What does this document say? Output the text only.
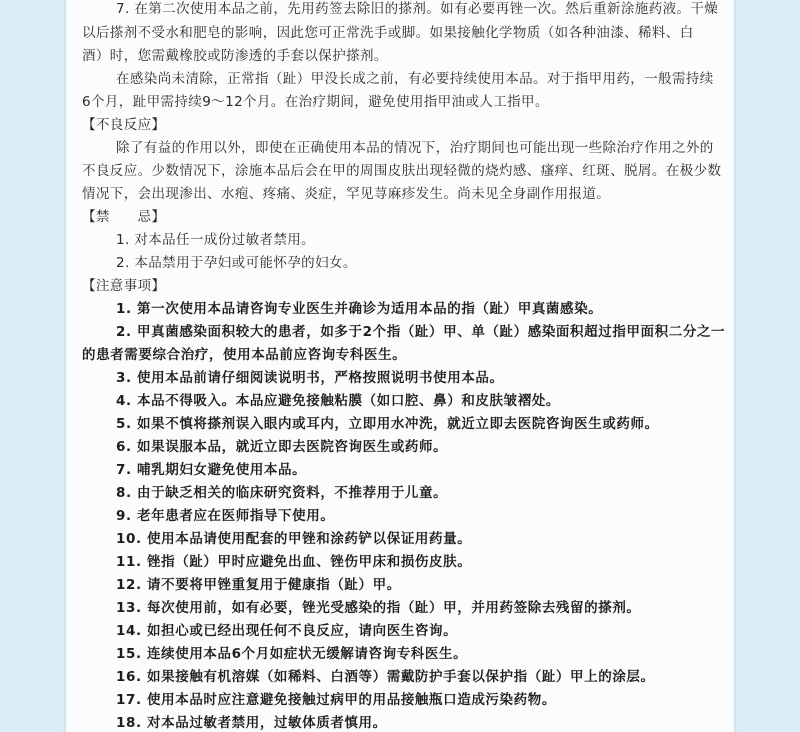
7. 在第二次使用本品之前，先用药签去除旧的搽剂。如有必要再锉一次。然后重新涂施药液。干燥
以后搽剂不受水和肥皂的影响，因此您可正常洗手或脚。如果接触化学物质（如各种油漆、稀料、白
酒）时，您需戴橡胶或防渗透的手套以保护搽剂。
在感染尚未清除，正常指（趾）甲没长成之前，有必要持续使用本品。对于指甲用药，一般需持续
6个月，趾甲需持续9～12个月。在治疗期间，避免使用指甲油或人工指甲。
【不良反应】
除了有益的作用以外，即使在正确使用本品的情况下，治疗期间也可能出现一些除治疗作用之外的
不良反应。少数情况下，涂施本品后会在甲的周围皮肤出现轻微的烧灼感、瘙痒、红斑、脱屑。在极少数
情况下，会出现渗出、水疱、疼痛、炎症，罕见荨麻疹发生。尚未见全身副作用报道。
【禁　　忌】
1. 对本品任一成份过敏者禁用。
2. 本品禁用于孕妇或可能怀孕的妇女。
【注意事项】
1. 第一次使用本品请咨询专业医生并确诊为适用本品的指（趾）甲真菌感染。
2. 甲真菌感染面积较大的患者，如多于2个指（趾）甲、单（趾）感染面积超过指甲面积二分之一
的患者需要综合治疗，使用本品前应咨询专科医生。
3. 使用本品前请仔细阅读说明书，严格按照说明书使用本品。
4. 本品不得吸入。本品应避免接触粘膜（如口腔、鼻）和皮肤皱褶处。
5. 如果不慎将搽剂误入眼内或耳内，立即用水冲洗，就近立即去医院咨询医生或药师。
6. 如果误服本品，就近立即去医院咨询医生或药师。
7. 哺乳期妇女避免使用本品。
8. 由于缺乏相关的临床研究资料，不推荐用于儿童。
9. 老年患者应在医师指导下使用。
10. 使用本品请使用配套的甲锉和涂药铲以保证用药量。
11. 锉指（趾）甲时应避免出血、锉伤甲床和损伤皮肤。
12. 请不要将甲锉重复用于健康指（趾）甲。
13. 每次使用前，如有必要，锉光受感染的指（趾）甲，并用药签除去残留的搽剂。
14. 如担心或已经出现任何不良反应，请向医生咨询。
15. 连续使用本品6个月如症状无缓解请咨询专科医生。
16. 如果接触有机溶媒（如稀料、白酒等）需戴防护手套以保护指（趾）甲上的涂层。
17. 使用本品时应注意避免接触过病甲的用品接触瓶口造成污染药物。
18. 对本品过敏者禁用，过敏体质者慎用。
